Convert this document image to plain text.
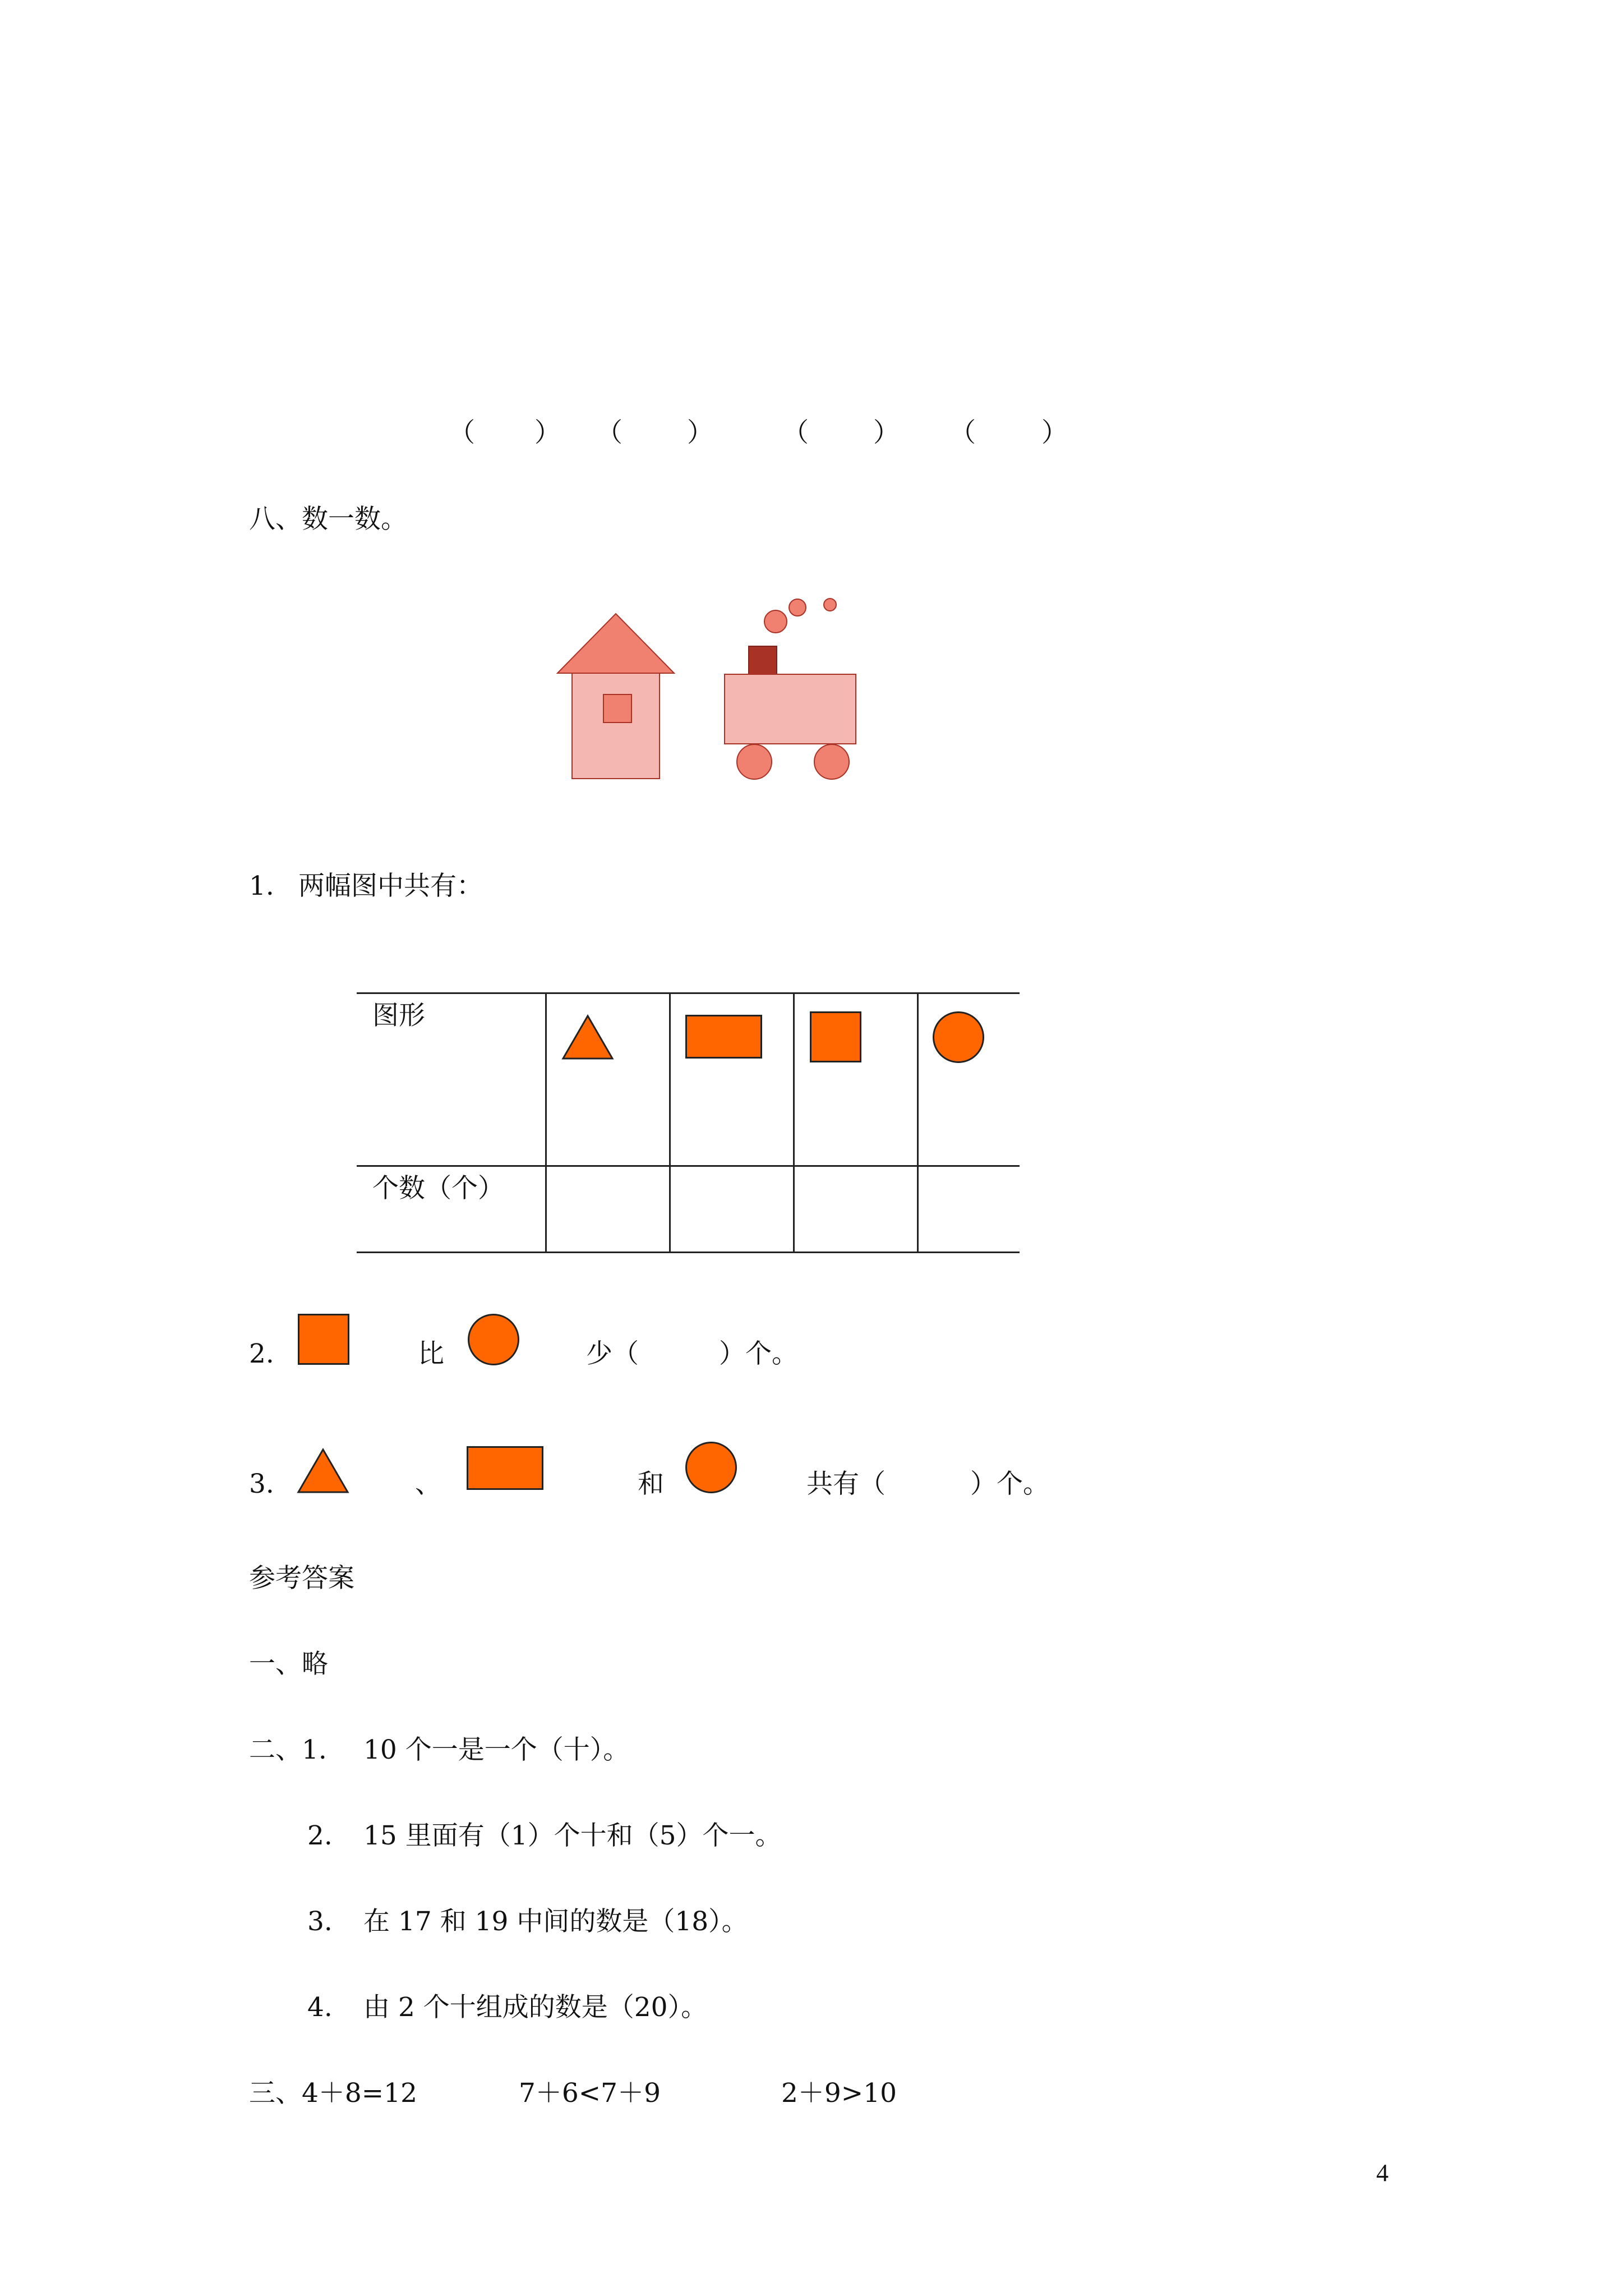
（ ） （ ）	（ ） （ ）
八、数一数。
1. 两幅图中共有：
图形
个数（个）
2.	比	少（	）个。
3.	、	和	共有（	）个。
参考答案
一、略
二、1. 10 个一是一个（十）。
2. 15 里面有（1）个十和（5）个一。
3. 在 17 和 19 中间的数是（18）。
4. 由 2 个十组成的数是（20）。
三、4＋8=12	7＋6<7＋9	2＋9>10
4
